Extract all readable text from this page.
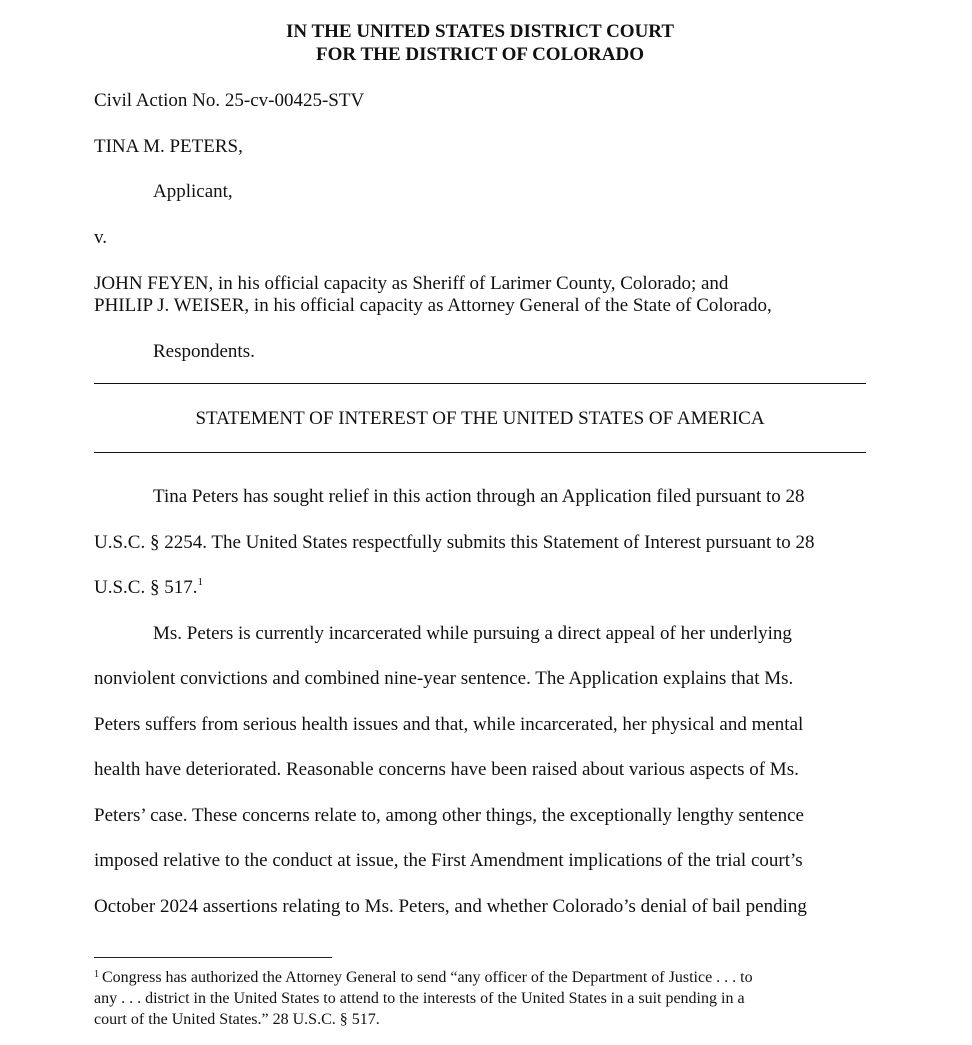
IN THE UNITED STATES DISTRICT COURT
FOR THE DISTRICT OF COLORADO
Civil Action No. 25-cv-00425-STV
TINA M. PETERS,
Applicant,
v.
JOHN FEYEN, in his official capacity as Sheriff of Larimer County, Colorado; and
PHILIP J. WEISER, in his official capacity as Attorney General of the State of Colorado,
Respondents.
STATEMENT OF INTEREST OF THE UNITED STATES OF AMERICA
Tina Peters has sought relief in this action through an Application filed pursuant to 28
U.S.C. § 2254. The United States respectfully submits this Statement of Interest pursuant to 28
U.S.C. § 517.$^1$
Ms. Peters is currently incarcerated while pursuing a direct appeal of her underlying
nonviolent convictions and combined nine-year sentence. The Application explains that Ms.
Peters suffers from serious health issues and that, while incarcerated, her physical and mental
health have deteriorated. Reasonable concerns have been raised about various aspects of Ms.
Peters’ case. These concerns relate to, among other things, the exceptionally lengthy sentence
imposed relative to the conduct at issue, the First Amendment implications of the trial court’s
October 2024 assertions relating to Ms. Peters, and whether Colorado’s denial of bail pending
$^1$ Congress has authorized the Attorney General to send “any officer of the Department of Justice . . . to
any . . . district in the United States to attend to the interests of the United States in a suit pending in a
court of the United States.” 28 U.S.C. § 517.
